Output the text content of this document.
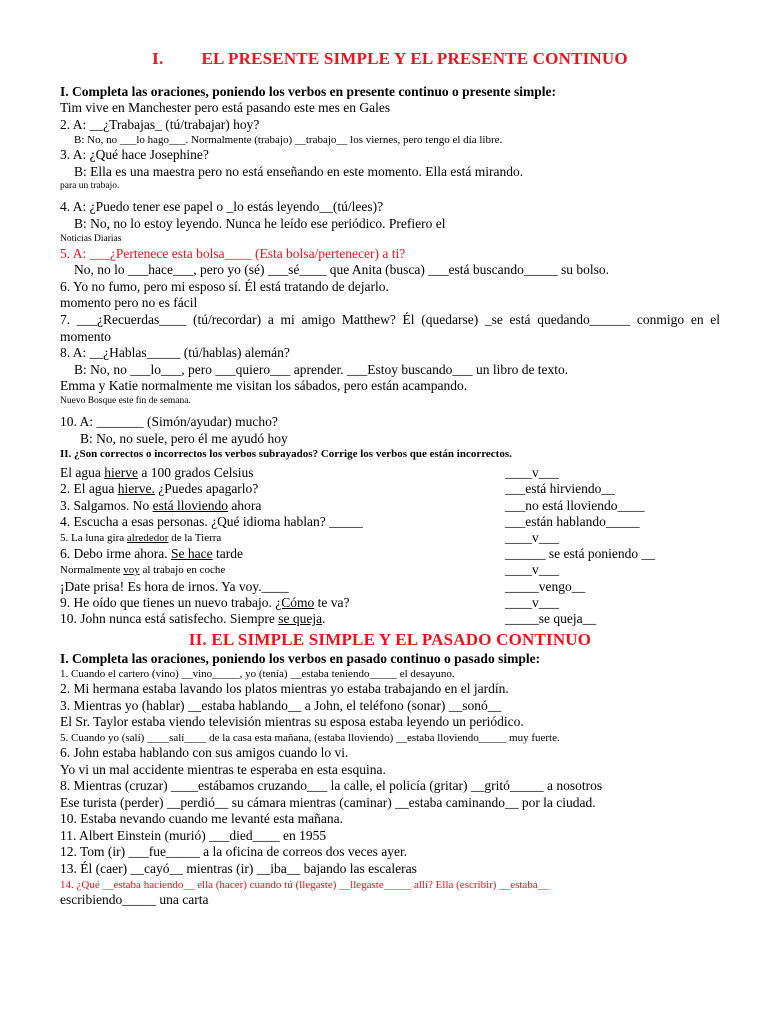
I. EL PRESENTE SIMPLE Y EL PRESENTE CONTINUO
I. Completa las oraciones, poniendo los verbos en presente continuo o presente simple:
Tim vive en Manchester pero está pasando este mes en Gales
2. A: __¿Trabajas_ (tú/trabajar) hoy?
B: No, no ___lo hago___. Normalmente (trabajo) __trabajo__ los viernes, pero tengo el día libre.
3. A: ¿Qué hace Josephine?
B: Ella es una maestra pero no está enseñando en este momento. Ella está mirando.
para un trabajo.
4. A: ¿Puedo tener ese papel o _lo estás leyendo__(tú/lees)?
B: No, no lo estoy leyendo. Nunca he leído ese periódico. Prefiero el
Noticias Diarias
5. A: ___¿Pertenece esta bolsa____ (Esta bolsa/pertenecer) a ti?
No, no lo ___hace___, pero yo (sé) ___sé____ que Anita (busca) ___está buscando_____ su bolso.
6. Yo no fumo, pero mi esposo sí. Él está tratando de dejarlo.
momento pero no es fácil
7. ___¿Recuerdas____ (tú/recordar) a mi amigo Matthew? Él (quedarse) _se está quedando______ conmigo en el momento
8. A: __¿Hablas_____ (tú/hablas) alemán?
B: No, no ___lo___, pero ___quiero___ aprender. ___Estoy buscando___ un libro de texto.
Emma y Katie normalmente me visitan los sábados, pero están acampando.
Nuevo Bosque este fin de semana.
10. A: _______ (Simón/ayudar) mucho?
B: No, no suele, pero él me ayudó hoy
II. ¿Son correctos o incorrectos los verbos subrayados? Corrige los verbos que están incorrectos.
El agua hierve a 100 grados Celsius	____v___
2. El agua hierve. ¿Puedes apagarlo?	___está hirviendo__
3. Salgamos. No está lloviendo ahora	___no está lloviendo____
4. Escucha a esas personas. ¿Qué idioma hablan? _____	___están hablando_____
5. La luna gira alrededor de la Tierra	____v___
6. Debo irme ahora. Se hace tarde	______ se está poniendo __
Normalmente voy al trabajo en coche	____v___
¡Date prisa! Es hora de irnos. Ya voy.____	_____vengo__
9. He oído que tienes un nuevo trabajo. ¿Cómo te va?	____v___
10. John nunca está satisfecho. Siempre se queja.	_____se queja__
II. EL SIMPLE SIMPLE Y EL PASADO CONTINUO
I. Completa las oraciones, poniendo los verbos en pasado continuo o pasado simple:
1. Cuando el cartero (vino) __vino_____, yo (tenía) __estaba teniendo_____ el desayuno.
2. Mi hermana estaba lavando los platos mientras yo estaba trabajando en el jardín.
3. Mientras yo (hablar) __estaba hablando__ a John, el teléfono (sonar) __sonó__
El Sr. Taylor estaba viendo televisión mientras su esposa estaba leyendo un periódico.
5. Cuando yo (salí) ____salí____ de la casa esta mañana, (estaba lloviendo) __estaba lloviendo_____ muy fuerte.
6. John estaba hablando con sus amigos cuando lo vi.
Yo vi un mal accidente mientras te esperaba en esta esquina.
8. Mientras (cruzar) ____estábamos cruzando___ la calle, el policía (gritar) __gritó_____ a nosotros
Ese turista (perder) __perdió__ su cámara mientras (caminar) __estaba caminando__ por la ciudad.
10. Estaba nevando cuando me levanté esta mañana.
11. Albert Einstein (murió) ___died____ en 1955
12. Tom (ir) ___fue_____ a la oficina de correos dos veces ayer.
13. Él (caer) __cayó__ mientras (ir) __iba__ bajando las escaleras
14. ¿Qué __estaba haciendo__ ella (hacer) cuando tú (llegaste) __llegaste_____ allí? Ella (escribir) __estaba__
escribiendo_____ una carta
